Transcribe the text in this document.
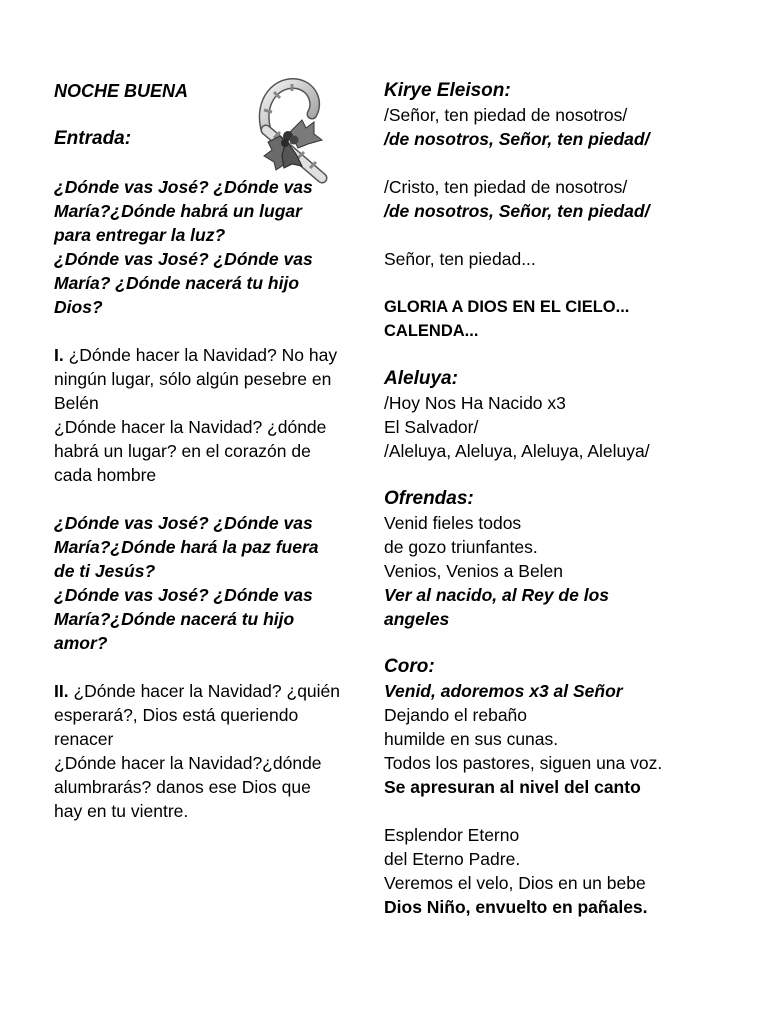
NOCHE BUENA
Entrada:
¿Dónde vas José? ¿Dónde vas
María?¿Dónde habrá un lugar
para entregar la luz?
¿Dónde vas José? ¿Dónde vas
María? ¿Dónde nacerá tu hijo
Dios?
I. ¿Dónde hacer la Navidad? No hay
ningún lugar, sólo algún pesebre en
Belén
¿Dónde hacer la Navidad? ¿dónde
habrá un lugar? en el corazón de
cada hombre
¿Dónde vas José? ¿Dónde vas
María?¿Dónde hará la paz fuera
de ti Jesús?
¿Dónde vas José? ¿Dónde vas
María?¿Dónde nacerá tu hijo
amor?
II. ¿Dónde hacer la Navidad? ¿quién
esperará?, Dios está queriendo
renacer
¿Dónde hacer la Navidad?¿dónde
alumbrarás? danos ese Dios que
hay en tu vientre.
Kirye Eleison:
/Señor, ten piedad de nosotros/
/de nosotros, Señor, ten piedad/
/Cristo, ten piedad de nosotros/
/de nosotros, Señor, ten piedad/
Señor, ten piedad...
GLORIA A DIOS EN EL CIELO...
CALENDA...
Aleluya:
/Hoy Nos Ha Nacido x3
El Salvador/
/Aleluya, Aleluya, Aleluya, Aleluya/
Ofrendas:
Venid fieles todos
de gozo triunfantes.
Venios, Venios a Belen
Ver al nacido, al Rey de los
angeles
Coro:
Venid, adoremos x3 al Señor
Dejando el rebaño
humilde en sus cunas.
Todos los pastores, siguen una voz.
Se apresuran al nivel del canto
Esplendor Eterno
del Eterno Padre.
Veremos el velo, Dios en un bebe
Dios Niño, envuelto en pañales.
